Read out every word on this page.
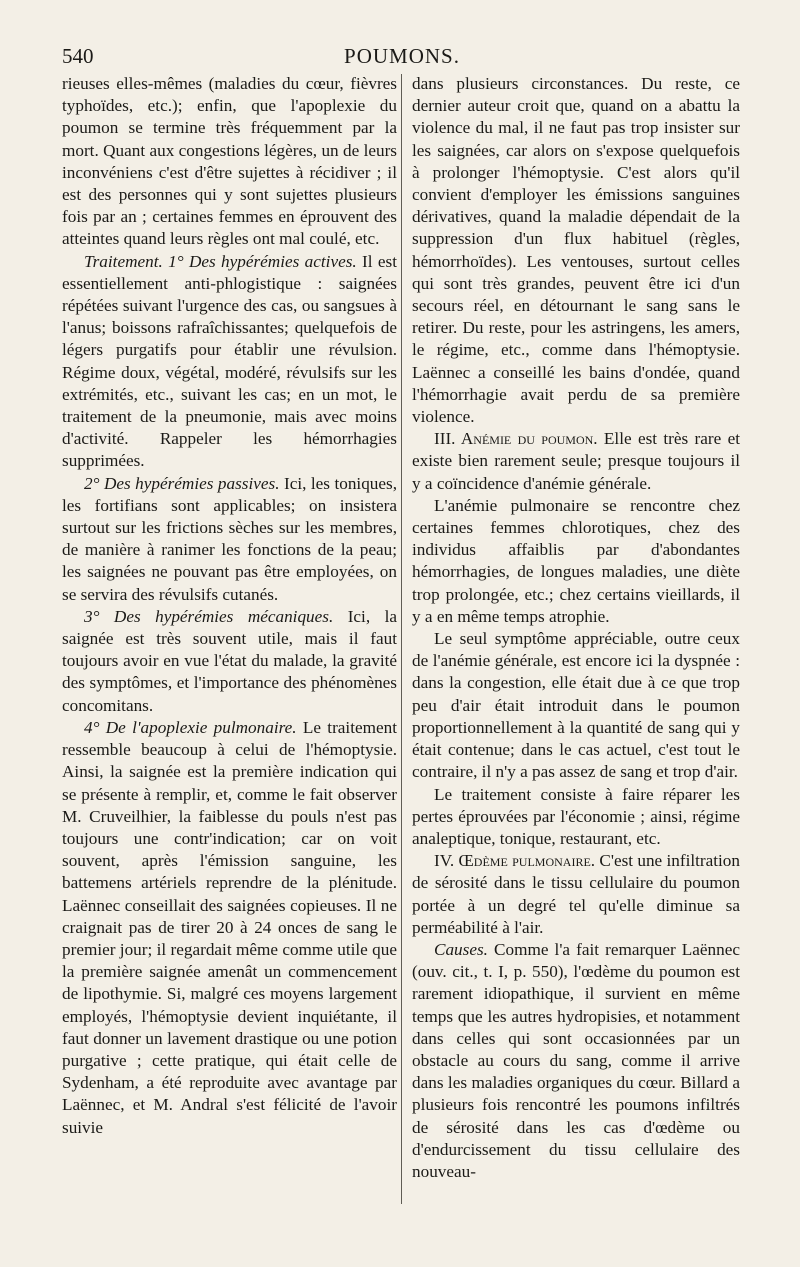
540	POUMONS.

rieuses elles-mêmes (maladies du cœur, fièvres typhoïdes, etc.); enfin, que l'apoplexie du poumon se termine très fréquemment par la mort. Quant aux congestions légères, un de leurs inconvéniens c'est d'être sujettes à récidiver ; il est des personnes qui y sont sujettes plusieurs fois par an ; certaines femmes en éprouvent des atteintes quand leurs règles ont mal coulé, etc.

Traitement. 1° Des hypérémies actives. Il est essentiellement anti-phlogistique : saignées répétées suivant l'urgence des cas, ou sangsues à l'anus; boissons rafraîchissantes; quelquefois de légers purgatifs pour établir une révulsion. Régime doux, végétal, modéré, révulsifs sur les extrémités, etc., suivant les cas; en un mot, le traitement de la pneumonie, mais avec moins d'activité. Rappeler les hémorrhagies supprimées.

2° Des hypérémies passives. Ici, les toniques, les fortifians sont applicables; on insistera surtout sur les frictions sèches sur les membres, de manière à ranimer les fonctions de la peau; les saignées ne pouvant pas être employées, on se servira des révulsifs cutanés.

3° Des hypérémies mécaniques. Ici, la saignée est très souvent utile, mais il faut toujours avoir en vue l'état du malade, la gravité des symptômes, et l'importance des phénomènes concomitans.

4° De l'apoplexie pulmonaire. Le traitement ressemble beaucoup à celui de l'hémoptysie. Ainsi, la saignée est la première indication qui se présente à remplir, et, comme le fait observer M. Cruveilhier, la faiblesse du pouls n'est pas toujours une contr'indication; car on voit souvent, après l'émission sanguine, les battemens artériels reprendre de la plénitude. Laënnec conseillait des saignées copieuses. Il ne craignait pas de tirer 20 à 24 onces de sang le premier jour; il regardait même comme utile que la première saignée amenât un commencement de lipothymie. Si, malgré ces moyens largement employés, l'hémoptysie devient inquiétante, il faut donner un lavement drastique ou une potion purgative ; cette pratique, qui était celle de Sydenham, a été reproduite avec avantage par Laënnec, et M. Andral s'est félicité de l'avoir suivie

dans plusieurs circonstances. Du reste, ce dernier auteur croit que, quand on a abattu la violence du mal, il ne faut pas trop insister sur les saignées, car alors on s'expose quelquefois à prolonger l'hémoptysie. C'est alors qu'il convient d'employer les émissions sanguines dérivatives, quand la maladie dépendait de la suppression d'un flux habituel (règles, hémorrhoïdes). Les ventouses, surtout celles qui sont très grandes, peuvent être ici d'un secours réel, en détournant le sang sans le retirer. Du reste, pour les astringens, les amers, le régime, etc., comme dans l'hémoptysie. Laënnec a conseillé les bains d'ondée, quand l'hémorrhagie avait perdu de sa première violence.

III. Anémie du poumon. Elle est très rare et existe bien rarement seule; presque toujours il y a coïncidence d'anémie générale.

L'anémie pulmonaire se rencontre chez certaines femmes chlorotiques, chez des individus affaiblis par d'abondantes hémorrhagies, de longues maladies, une diète trop prolongée, etc.; chez certains vieillards, il y a en même temps atrophie.

Le seul symptôme appréciable, outre ceux de l'anémie générale, est encore ici la dyspnée : dans la congestion, elle était due à ce que trop peu d'air était introduit dans le poumon proportionnellement à la quantité de sang qui y était contenue; dans le cas actuel, c'est tout le contraire, il n'y a pas assez de sang et trop d'air.

Le traitement consiste à faire réparer les pertes éprouvées par l'économie ; ainsi, régime analeptique, tonique, restaurant, etc.

IV. Œdème pulmonaire. C'est une infiltration de sérosité dans le tissu cellulaire du poumon portée à un degré tel qu'elle diminue sa perméabilité à l'air.

Causes. Comme l'a fait remarquer Laënnec (ouv. cit., t. I, p. 550), l'œdème du poumon est rarement idiopathique, il survient en même temps que les autres hydropisies, et notamment dans celles qui sont occasionnées par un obstacle au cours du sang, comme il arrive dans les maladies organiques du cœur. Billard a plusieurs fois rencontré les poumons infiltrés de sérosité dans les cas d'œdème ou d'endurcissement du tissu cellulaire des nouveau-
